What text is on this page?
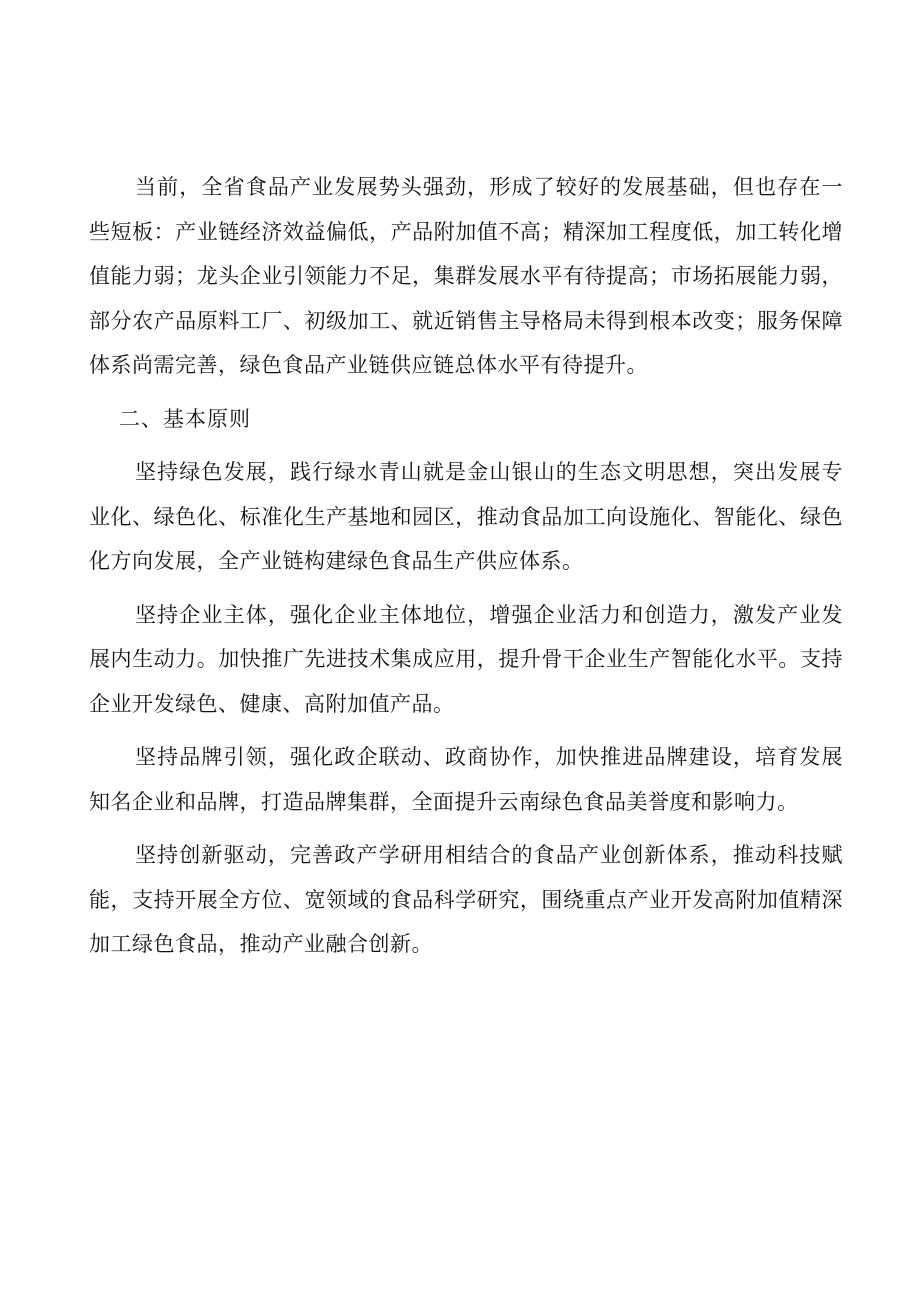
当前，全省食品产业发展势头强劲，形成了较好的发展基础，但也存在一些短板：产业链经济效益偏低，产品附加值不高；精深加工程度低，加工转化增值能力弱；龙头企业引领能力不足，集群发展水平有待提高；市场拓展能力弱，部分农产品原料工厂、初级加工、就近销售主导格局未得到根本改变；服务保障体系尚需完善，绿色食品产业链供应链总体水平有待提升。

二、基本原则

坚持绿色发展，践行绿水青山就是金山银山的生态文明思想，突出发展专业化、绿色化、标准化生产基地和园区，推动食品加工向设施化、智能化、绿色化方向发展，全产业链构建绿色食品生产供应体系。

坚持企业主体，强化企业主体地位，增强企业活力和创造力，激发产业发展内生动力。加快推广先进技术集成应用，提升骨干企业生产智能化水平。支持企业开发绿色、健康、高附加值产品。

坚持品牌引领，强化政企联动、政商协作，加快推进品牌建设，培育发展知名企业和品牌，打造品牌集群，全面提升云南绿色食品美誉度和影响力。

坚持创新驱动，完善政产学研用相结合的食品产业创新体系，推动科技赋能，支持开展全方位、宽领域的食品科学研究，围绕重点产业开发高附加值精深加工绿色食品，推动产业融合创新。
